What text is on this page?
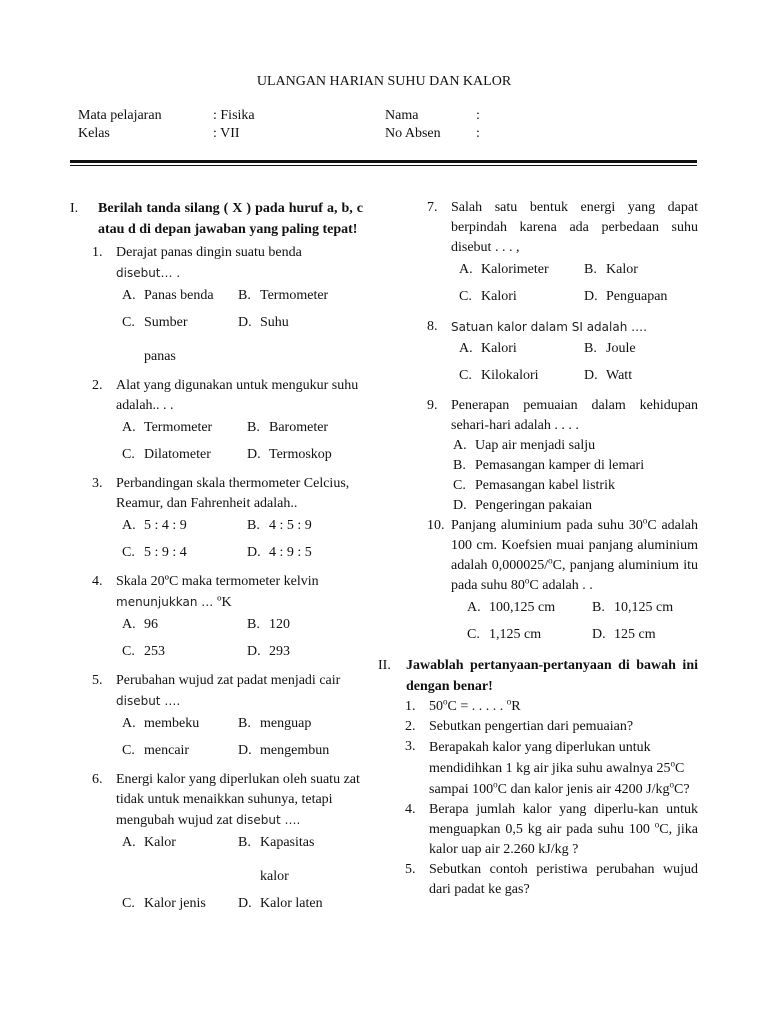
ULANGAN HARIAN SUHU DAN KALOR
Mata pelajaran	: Fisika
Kelas	: VII
Nama	:
No Absen	:
I.	Berilah tanda silang ( X ) pada huruf a, b, c atau d di depan jawaban yang paling tepat!
1. Derajat panas dingin suatu benda
disebut… .
A. Panas benda B. Termometer
C. Sumber
panas
D. Suhu
2. Alat yang digunakan untuk mengukur suhu adalah.. . .
A. Termometer B. Barometer
C. Dilatometer	D. Termoskop
3. Perbandingan skala thermometer Celcius, Reamur, dan Fahrenheit adalah..
A. 5 : 4 : 9	B. 4 : 5 : 9
C. 5 : 9 : 4	D. 4 : 9 : 5
4. Skala 20ºC maka termometer kelvin
menunjukkan … ºK
A. 96	B. 120
C. 253	D. 293
5. Perubahan wujud zat padat menjadi cair
disebut ….
A. membeku	B. menguap
C. mencair	D. mengembun
6. Energi kalor yang diperlukan oleh suatu zat tidak untuk menaikkan suhunya, tetapi mengubah wujud zat disebut ….
A. Kalor	B. Kapasitas
kalor
C. Kalor jenis D. Kalor laten
7. Salah satu bentuk energi yang dapat berpindah karena ada perbedaan suhu disebut . . . ,
A. Kalorimeter	B. Kalor
C. Kalori	D. Penguapan
8.	Satuan kalor dalam SI adalah ….
A. Kalori	B. Joule
C. Kilokalori	D. Watt
9. Penerapan pemuaian dalam kehidupan sehari-hari adalah . . . .
A. Uap air menjadi salju
B. Pemasangan kamper di lemari
C. Pemasangan kabel listrik
D. Pengeringan pakaian
10. Panjang aluminium pada suhu 30$^o$C adalah 100 cm. Koefsien muai panjang aluminium adalah 0,000025/$^o$C, panjang aluminium itu pada suhu 80$^o$C adalah . .
A. 100,125 cm	B. 10,125 cm
C. 1,125 cm	D. 125 cm
II.	Jawablah pertanyaan-pertanyaan di bawah ini dengan benar!
1. $50^oC$ = . . . . . $^o$R
2. Sebutkan pengertian dari pemuaian?
3. Berapakah kalor yang diperlukan untuk mendidihkan 1 kg air jika suhu awalnya 25$^o$C sampai 100$^o$C dan kalor jenis air 4200 $J/kg^oC$?
4. Berapa jumlah kalor yang diperlu-kan untuk menguapkan 0,5 kg air pada suhu 100 $^o$C, jika kalor uap air 2.260 kJ/kg ?
5. Sebutkan contoh peristiwa perubahan wujud dari padat ke gas?
